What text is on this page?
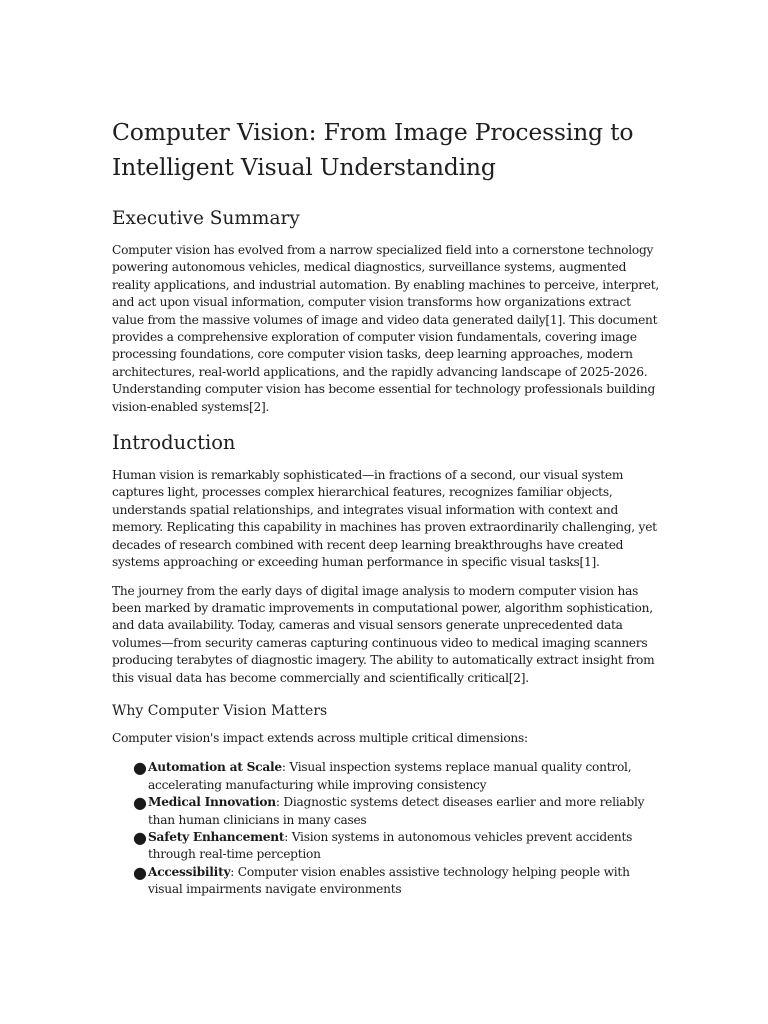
Computer Vision: From Image Processing to Intelligent Visual Understanding
Executive Summary

Computer vision has evolved from a narrow specialized field into a cornerstone technology powering autonomous vehicles, medical diagnostics, surveillance systems, augmented reality applications, and industrial automation. By enabling machines to perceive, interpret, and act upon visual information, computer vision transforms how organizations extract value from the massive volumes of image and video data generated daily[1]. This document provides a comprehensive exploration of computer vision fundamentals, covering image processing foundations, core computer vision tasks, deep learning approaches, modern architectures, real-world applications, and the rapidly advancing landscape of 2025-2026. Understanding computer vision has become essential for technology professionals building vision-enabled systems[2].

Introduction

Human vision is remarkably sophisticated—in fractions of a second, our visual system captures light, processes complex hierarchical features, recognizes familiar objects, understands spatial relationships, and integrates visual information with context and memory. Replicating this capability in machines has proven extraordinarily challenging, yet decades of research combined with recent deep learning breakthroughs have created systems approaching or exceeding human performance in specific visual tasks[1].

The journey from the early days of digital image analysis to modern computer vision has been marked by dramatic improvements in computational power, algorithm sophistication, and data availability. Today, cameras and visual sensors generate unprecedented data volumes—from security cameras capturing continuous video to medical imaging scanners producing terabytes of diagnostic imagery. The ability to automatically extract insight from this visual data has become commercially and scientifically critical[2].

Why Computer Vision Matters

Computer vision's impact extends across multiple critical dimensions:

● Automation at Scale: Visual inspection systems replace manual quality control, accelerating manufacturing while improving consistency
● Medical Innovation: Diagnostic systems detect diseases earlier and more reliably than human clinicians in many cases
● Safety Enhancement: Vision systems in autonomous vehicles prevent accidents through real-time perception
● Accessibility: Computer vision enables assistive technology helping people with visual impairments navigate environments
